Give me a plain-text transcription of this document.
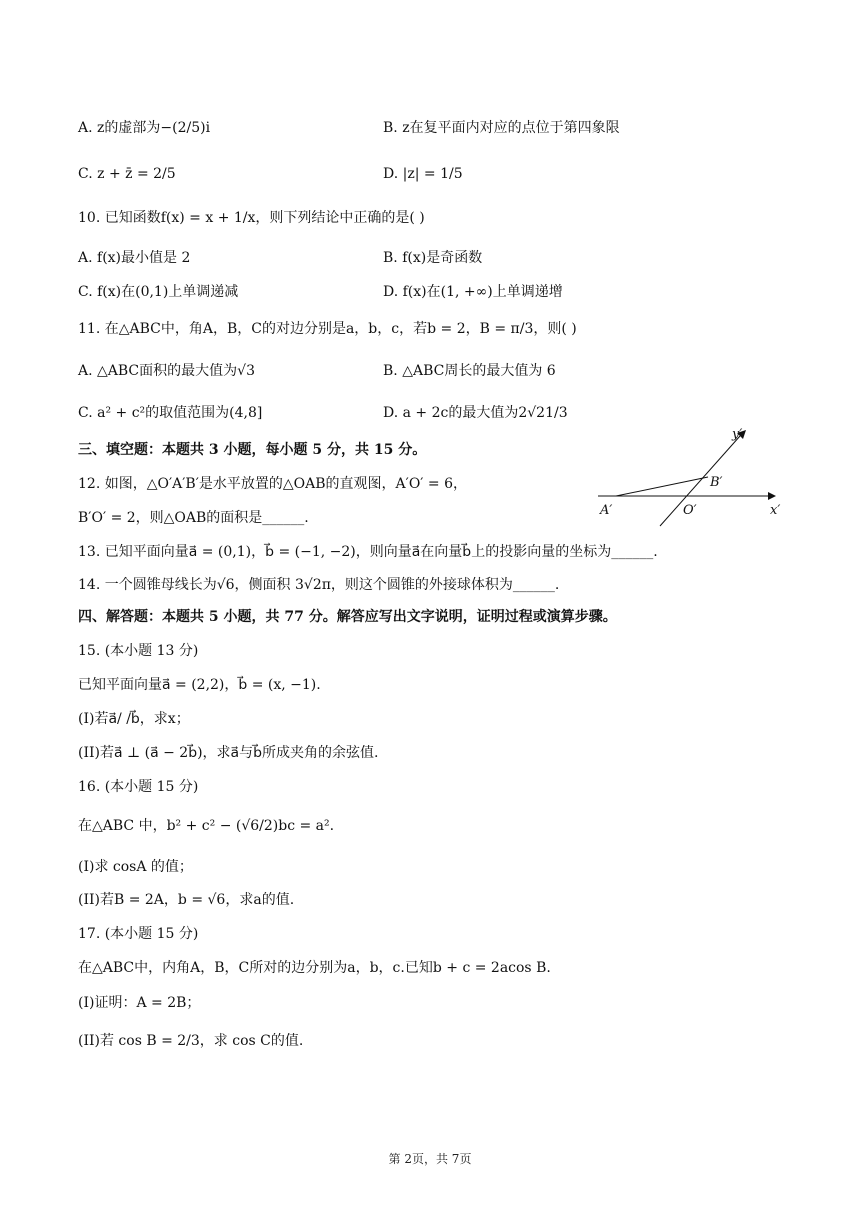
A. z的虚部为−(2/5)i	B. z在复平面内对应的点位于第四象限
C. z + z̄ = 2/5	D. |z| = 1/5
10. 已知函数f(x) = x + 1/x，则下列结论中正确的是( )
A. f(x)最小值是 2	B. f(x)是奇函数
C. f(x)在(0,1)上单调递减	D. f(x)在(1, +∞)上单调递增
11. 在△ABC中，角A，B，C的对边分别是a，b，c，若b = 2，B = π/3，则( )
A. △ABC面积的最大值为√3	B. △ABC周长的最大值为 6
C. a² + c²的取值范围为(4,8]	D. a + 2c的最大值为2√21/3
三、填空题：本题共 3 小题，每小题 5 分，共 15 分。
12. 如图，△O′A′B′是水平放置的△OAB的直观图，A′O′ = 6，
B′O′ = 2，则△OAB的面积是______.
y′
B′
x′
A′	O′
13. 已知平面向量a⃗ = (0,1)，b⃗ = (−1, −2)，则向量a⃗在向量b⃗上的投影向量的坐标为______.
14. 一个圆锥母线长为√6，侧面积 3√2π，则这个圆锥的外接球体积为______.
四、解答题：本题共 5 小题，共 77 分。解答应写出文字说明，证明过程或演算步骤。
15. (本小题 13 分)
已知平面向量a⃗ = (2,2)，b⃗ = (x, −1).
(I)若a⃗/ /b⃗，求x；
(II)若a⃗ ⊥ (a⃗ − 2b⃗)，求a⃗与b⃗所成夹角的余弦值.
16. (本小题 15 分)
在△ABC 中，b² + c² − (√6/2)bc = a².
(I)求 cosA 的值；
(II)若B = 2A，b = √6，求a的值.
17. (本小题 15 分)
在△ABC中，内角A，B，C所对的边分别为a，b，c.已知b + c = 2acos B.
(I)证明：A = 2B；
(II)若 cos B = 2/3，求 cos C的值.
第 2页，共 7页
